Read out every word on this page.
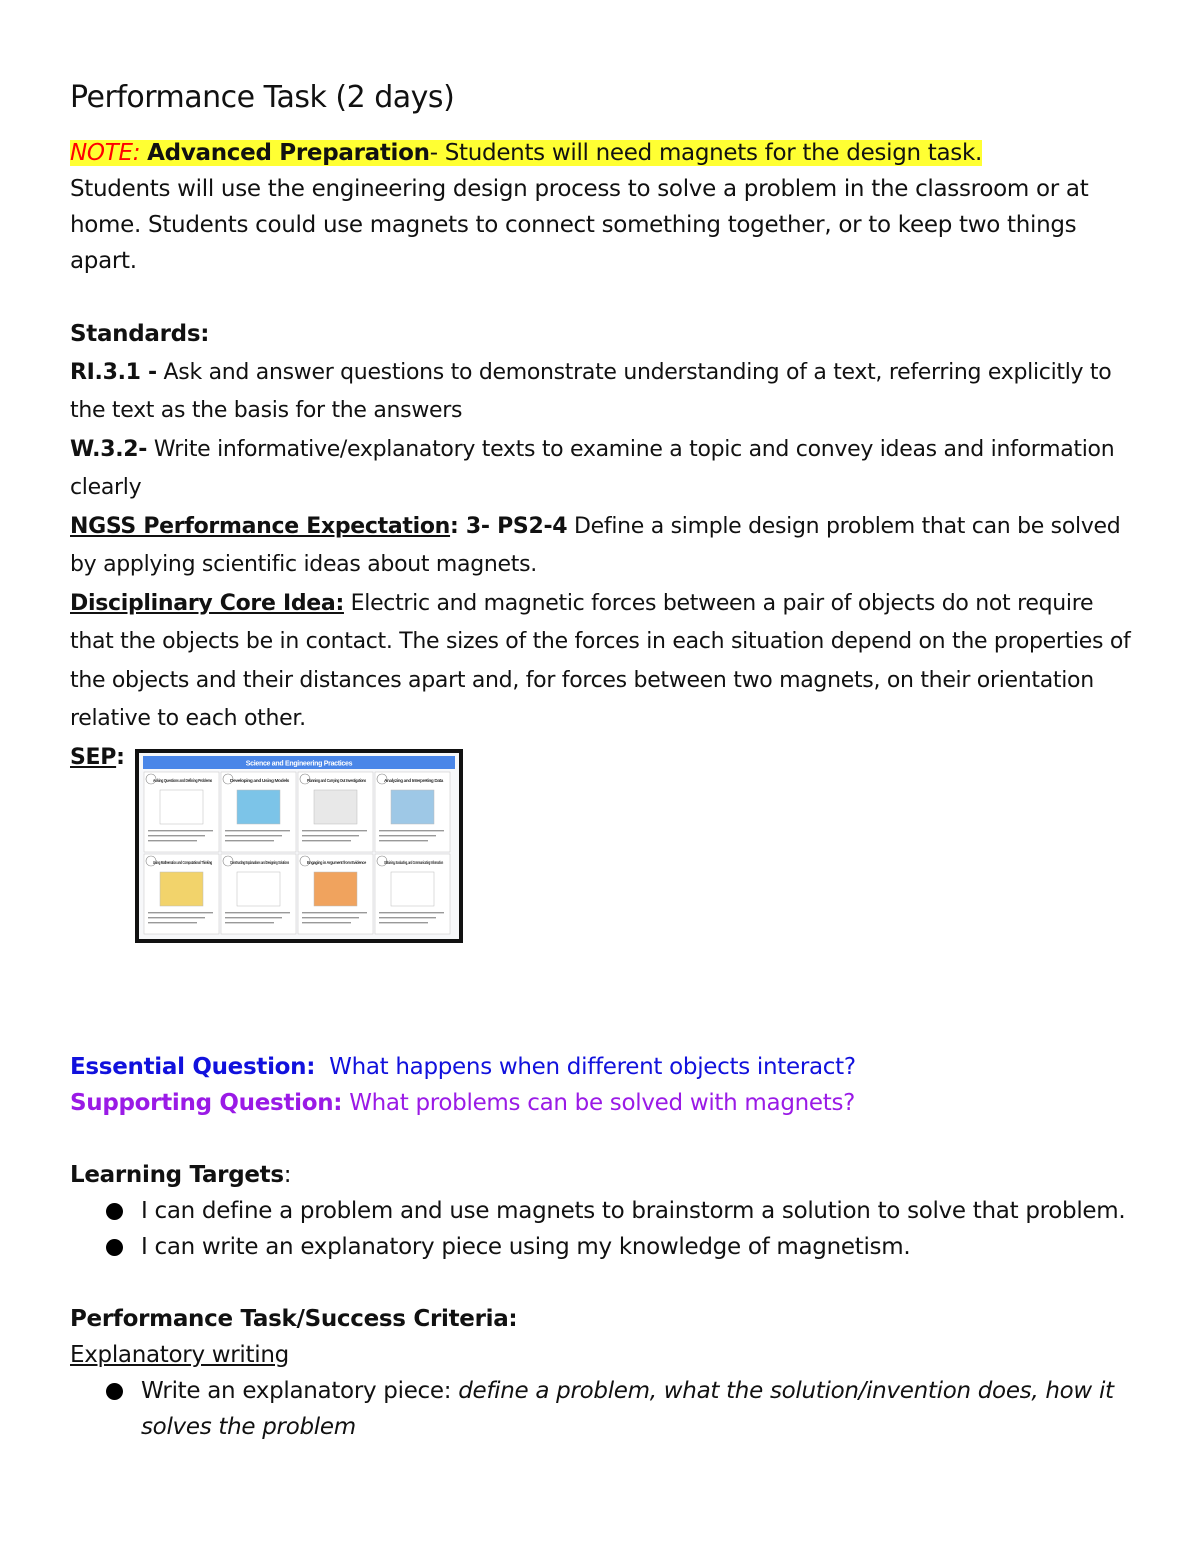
Performance Task (2 days)

NOTE: Advanced Preparation- Students will need magnets for the design task.

Students will use the engineering design process to solve a problem in the classroom or at home. Students could use magnets to connect something together, or to keep two things apart.

Standards:

RI.3.1 - Ask and answer questions to demonstrate understanding of a text, referring explicitly to the text as the basis for the answers

W.3.2- Write informative/explanatory texts to examine a topic and convey ideas and information clearly

NGSS Performance Expectation: 3- PS2-4 Define a simple design problem that can be solved by applying scientific ideas about magnets.

Disciplinary Core Idea: Electric and magnetic forces between a pair of objects do not require that the objects be in contact. The sizes of the forces in each situation depend on the properties of the objects and their distances apart and, for forces between two magnets, on their orientation relative to each other.

SEP:	Science and Engineering Practices
Asking Questions and Defining Problems	Developing and Using Models	Planning and Carrying Out Investigations	Analyzing and Interpreting Data
Using Mathematics and Computational Thinking	Constructing Explanations and Designing Solutions	Engaging in Argument from Evidence	Obtaining, Evaluating, and Communicating Information

Essential Question:  What happens when different objects interact?

Supporting Question: What problems can be solved with magnets?

Learning Targets:

I can define a problem and use magnets to brainstorm a solution to solve that problem.
I can write an explanatory piece using my knowledge of magnetism.

Performance Task/Success Criteria:

Explanatory writing

Write an explanatory piece: define a problem, what the solution/invention does, how it solves the problem
